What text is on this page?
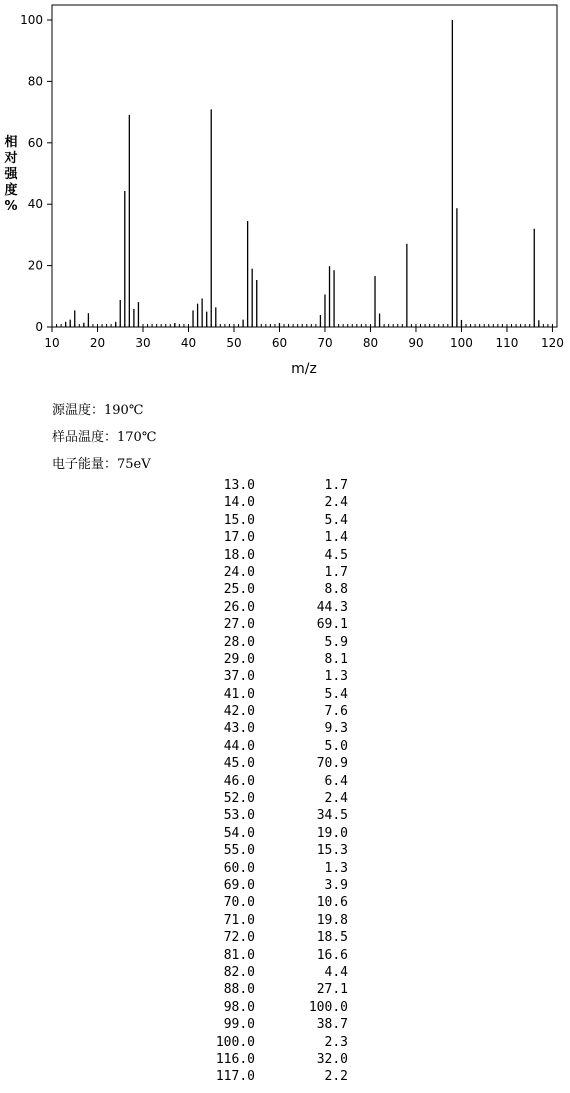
相
对
强
度
%
10	20	30	40	50	60	70	80	90 100 110 120
0
20
40
60
80
100
m/z
源温度：190℃
样品温度：170℃
电子能量：75eV
13.0	1.7
14.0	2.4
15.0	5.4
17.0	1.4
18.0	4.5
24.0	1.7
25.0	8.8
26.0	44.3
27.0	69.1
28.0	5.9
29.0	8.1
37.0	1.3
41.0	5.4
42.0	7.6
43.0	9.3
44.0	5.0
45.0	70.9
46.0	6.4
52.0	2.4
53.0	34.5
54.0	19.0
55.0	15.3
60.0	1.3
69.0	3.9
70.0	10.6
71.0	19.8
72.0	18.5
81.0	16.6
82.0	4.4
88.0	27.1
98.0	100.0
99.0	38.7
100.0	2.3
116.0	32.0
117.0	2.2
